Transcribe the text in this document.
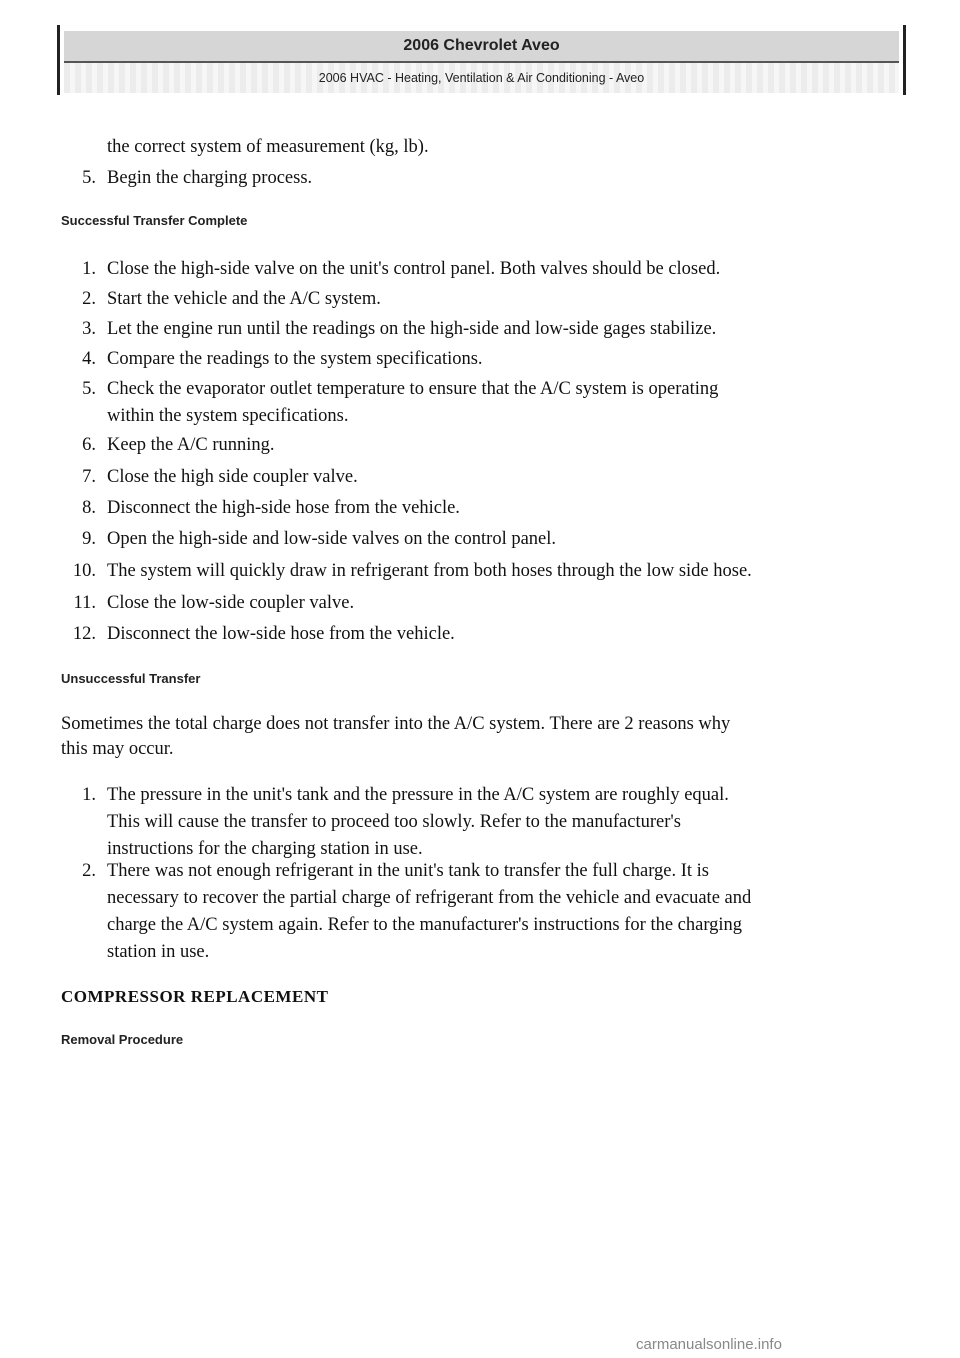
2006 Chevrolet Aveo
2006 HVAC - Heating, Ventilation & Air Conditioning - Aveo
the correct system of measurement (kg, lb).
5. Begin the charging process.
Successful Transfer Complete
1. Close the high-side valve on the unit's control panel. Both valves should be closed.
2. Start the vehicle and the A/C system.
3. Let the engine run until the readings on the high-side and low-side gages stabilize.
4. Compare the readings to the system specifications.
5. Check the evaporator outlet temperature to ensure that the A/C system is operating
within the system specifications.
6. Keep the A/C running.
7. Close the high side coupler valve.
8. Disconnect the high-side hose from the vehicle.
9. Open the high-side and low-side valves on the control panel.
10. The system will quickly draw in refrigerant from both hoses through the low side hose.
11. Close the low-side coupler valve.
12. Disconnect the low-side hose from the vehicle.
Unsuccessful Transfer
Sometimes the total charge does not transfer into the A/C system. There are 2 reasons why
this may occur.
1. The pressure in the unit's tank and the pressure in the A/C system are roughly equal.
This will cause the transfer to proceed too slowly. Refer to the manufacturer's
instructions for the charging station in use.
2. There was not enough refrigerant in the unit's tank to transfer the full charge. It is
necessary to recover the partial charge of refrigerant from the vehicle and evacuate and
charge the A/C system again. Refer to the manufacturer's instructions for the charging
station in use.
COMPRESSOR REPLACEMENT
Removal Procedure
carmanualsonline.info
